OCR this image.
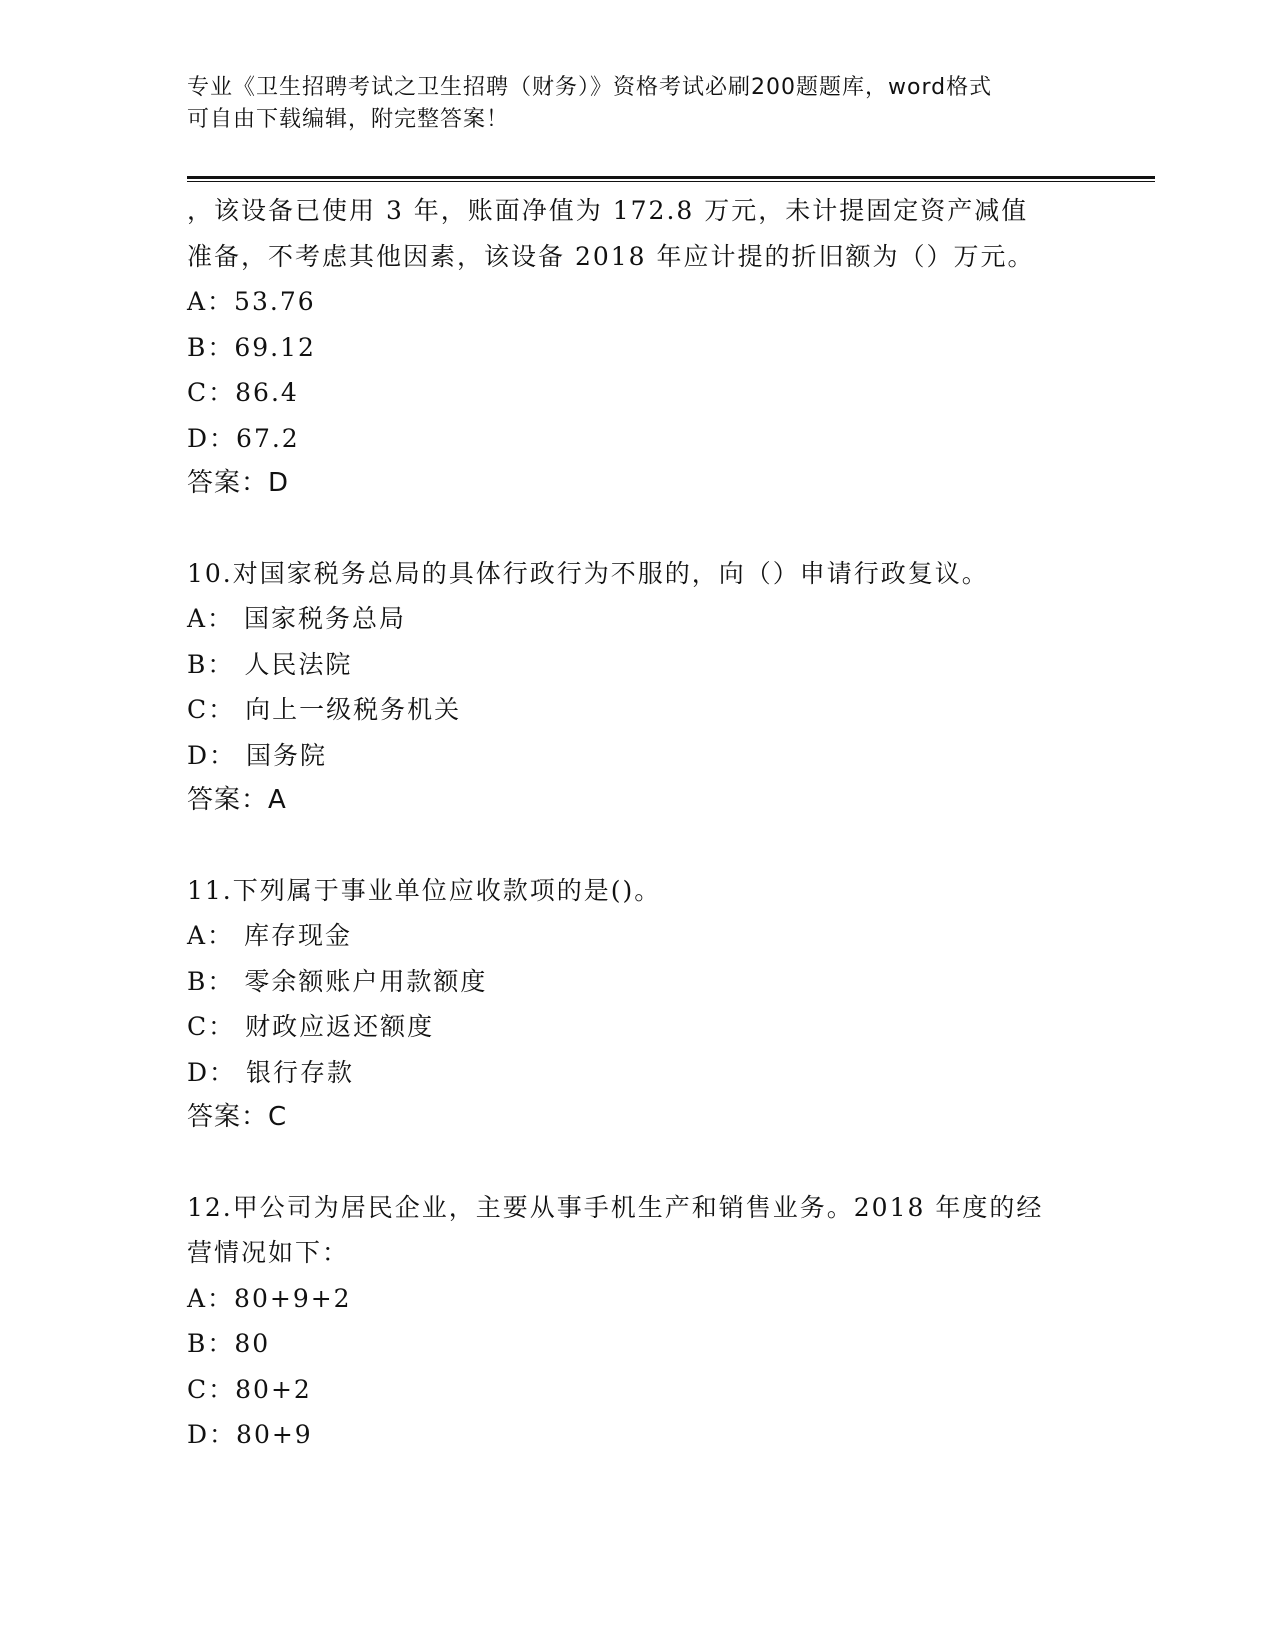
专业《卫生招聘考试之卫生招聘（财务）》资格考试必刷200题题库，word格式
可自由下载编辑，附完整答案！
，该设备已使用 3 年，账面净值为 172.8 万元，未计提固定资产减值
准备，不考虑其他因素，该设备 2018 年应计提的折旧额为（）万元。
A：53.76
B：69.12
C：86.4
D：67.2
答案：D
10.对国家税务总局的具体行政行为不服的，向（）申请行政复议。
A： 国家税务总局
B： 人民法院
C： 向上一级税务机关
D： 国务院
答案：A
11.下列属于事业单位应收款项的是()。
A： 库存现金
B： 零余额账户用款额度
C： 财政应返还额度
D： 银行存款
答案：C
12.甲公司为居民企业，主要从事手机生产和销售业务。2018 年度的经
营情况如下：
A：80+9+2
B：80
C：80+2
D：80+9
